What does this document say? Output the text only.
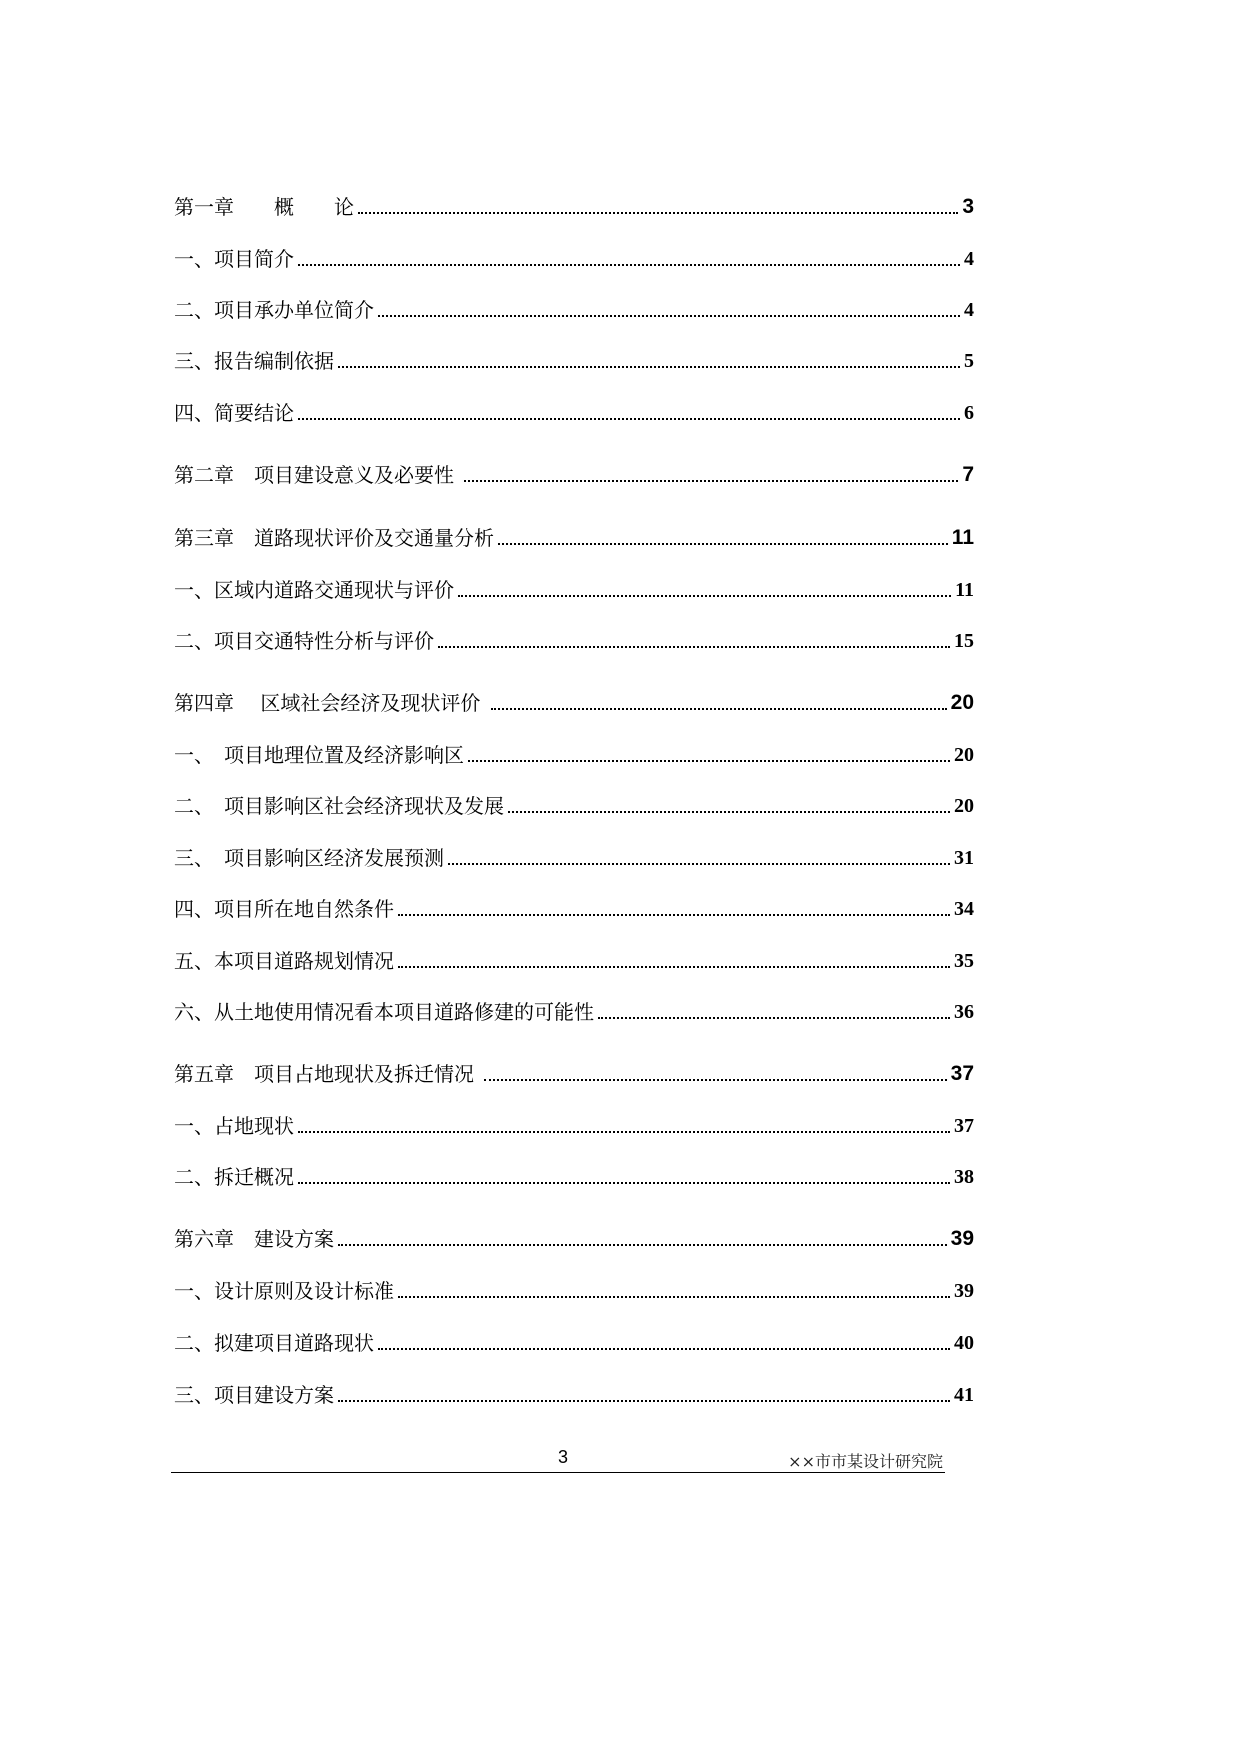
第一章　　概　　论	3
一、项目简介	4
二、项目承办单位简介	4
三、报告编制依据	5
四、简要结论	6
第二章　项目建设意义及必要性	7
第三章　道路现状评价及交通量分析	11
一、区域内道路交通现状与评价	11
二、项目交通特性分析与评价	15
第四章　 区域社会经济及现状评价	20
一、　项目地理位置及经济影响区	20
二、　项目影响区社会经济现状及发展	20
三、　项目影响区经济发展预测	31
四、项目所在地自然条件	34
五、本项目道路规划情况	35
六、从土地使用情况看本项目道路修建的可能性	36
第五章　项目占地现状及拆迁情况	37
一、占地现状	37
二、拆迁概况	38
第六章　建设方案	39
一、设计原则及设计标准	39
二、拟建项目道路现状	40
三、项目建设方案	41
3	××市市某设计研究院
